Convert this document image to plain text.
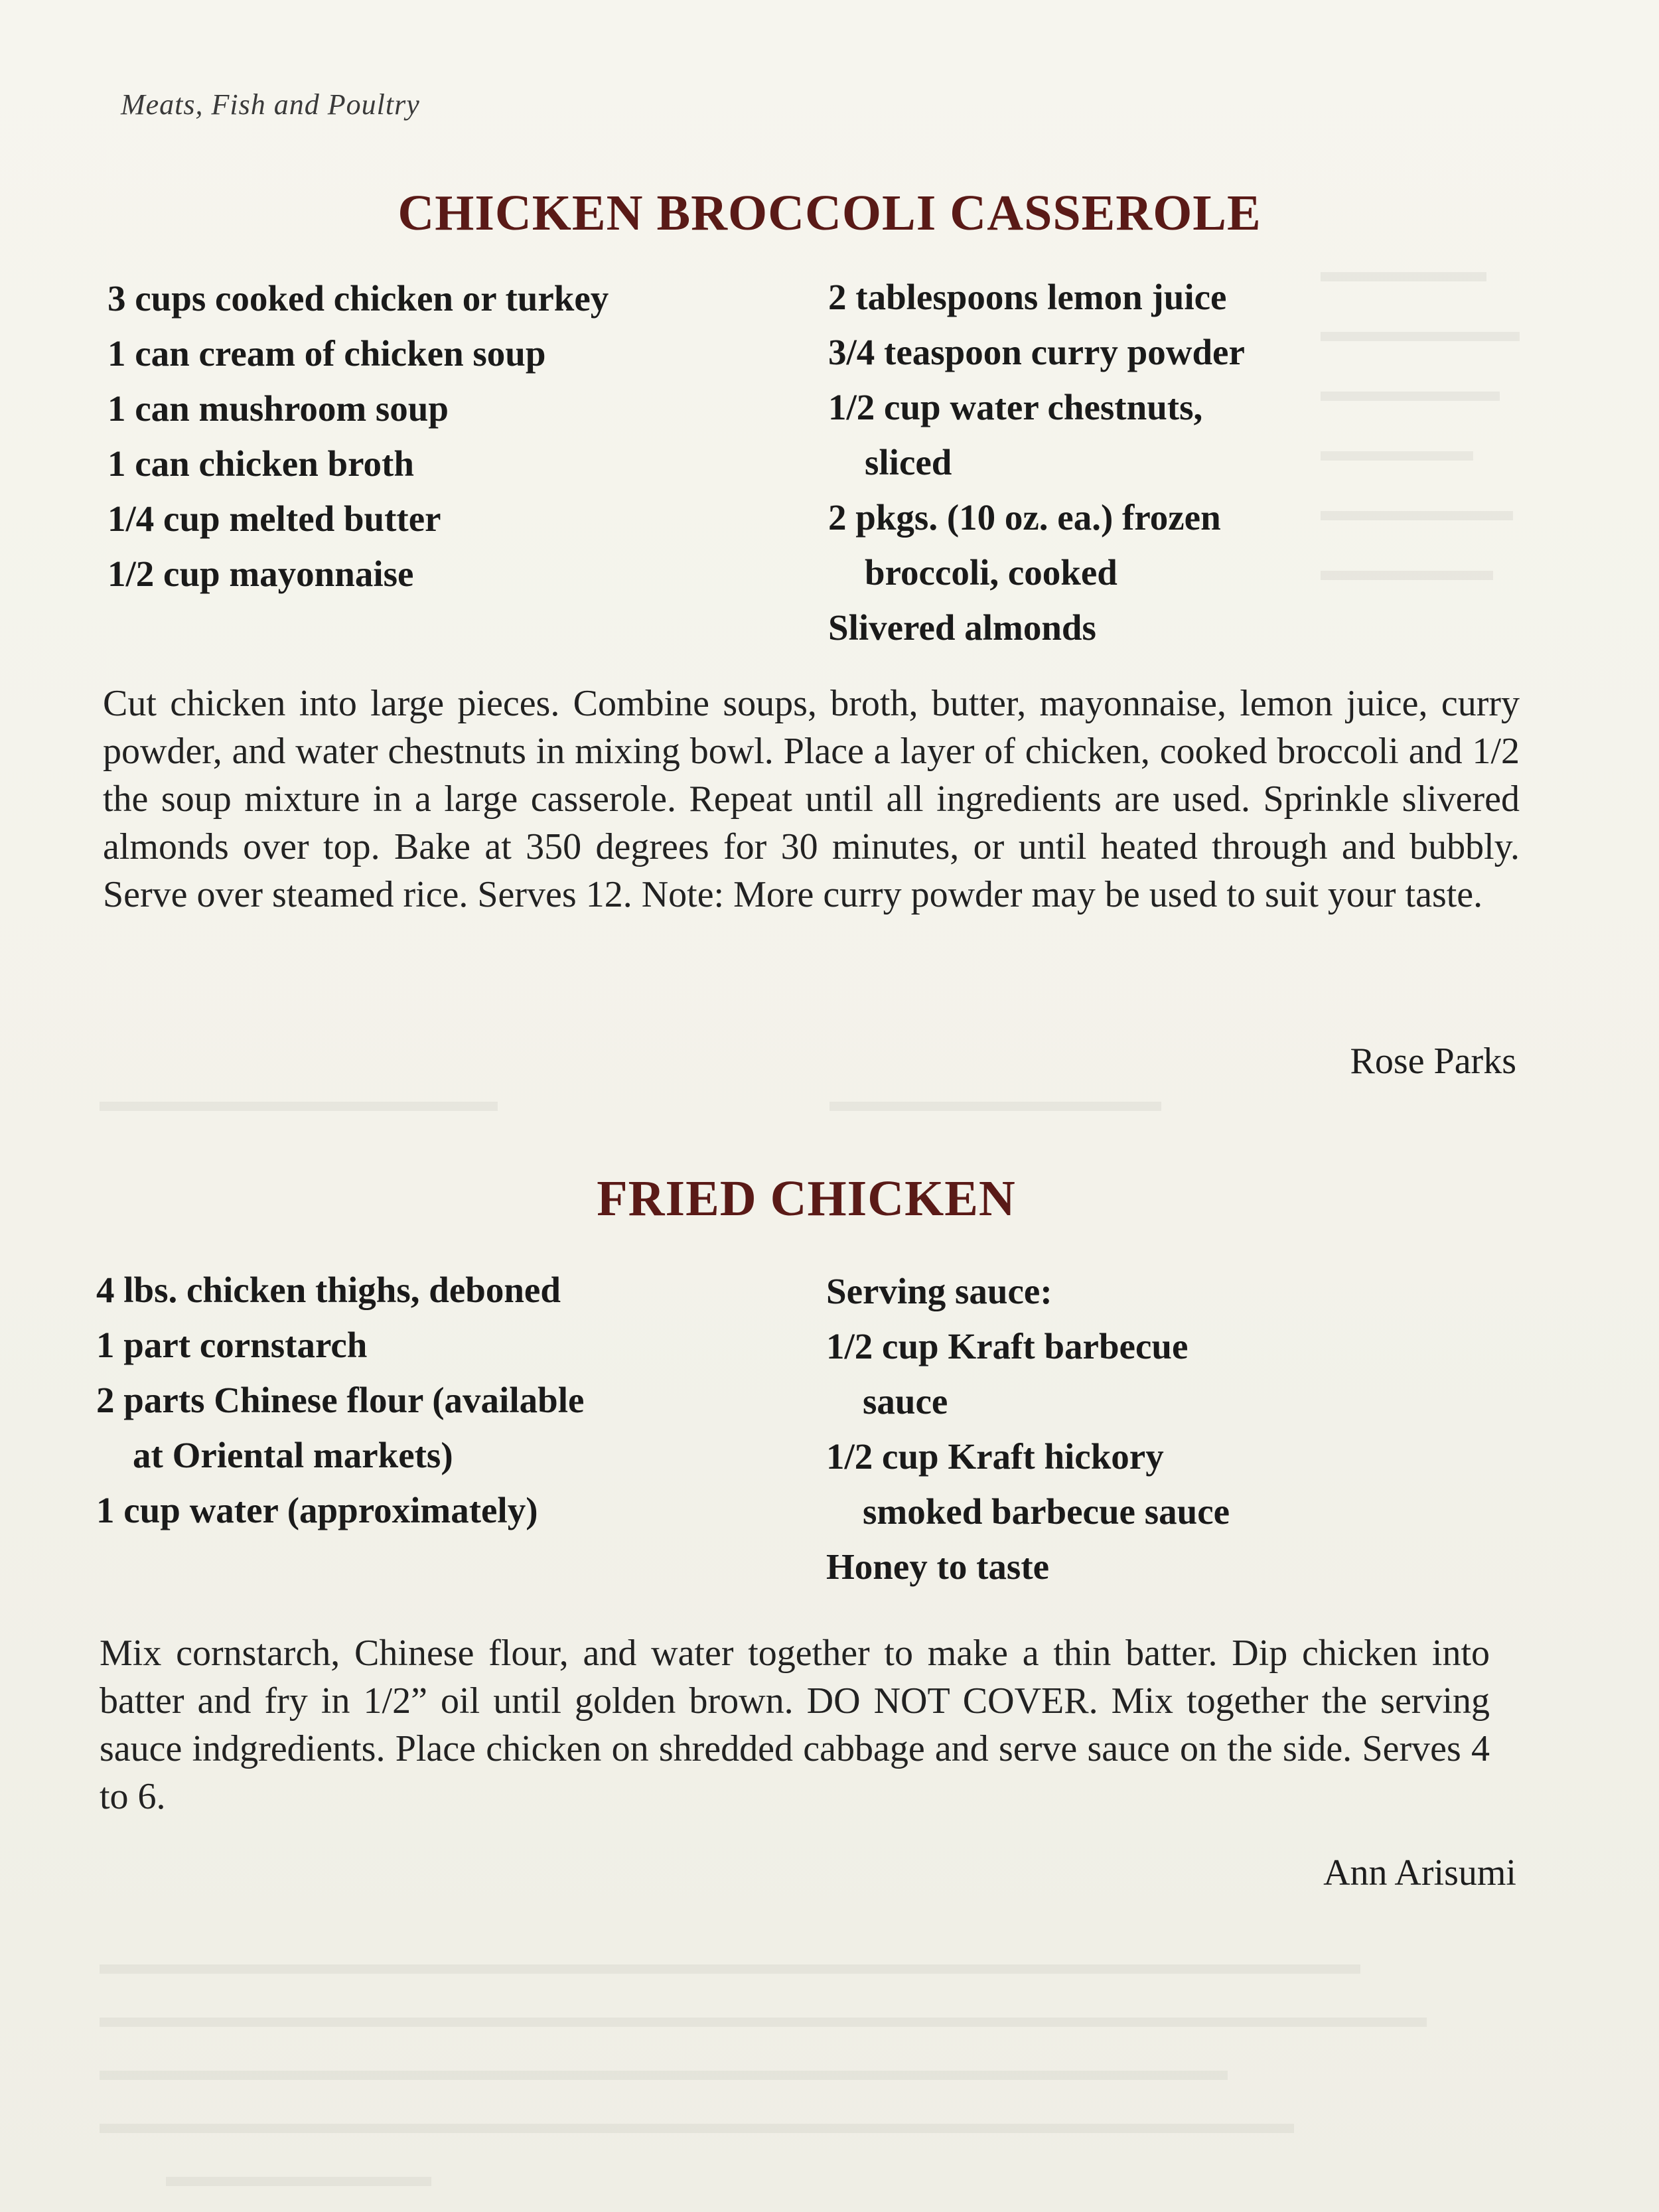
Meats, Fish and Poultry
CHICKEN BROCCOLI CASSEROLE
3 cups cooked chicken or turkey
1 can cream of chicken soup
1 can mushroom soup
1 can chicken broth
1/4 cup melted butter
1/2 cup mayonnaise
2 tablespoons lemon juice
3/4 teaspoon curry powder
1/2 cup water chestnuts,
sliced
2 pkgs. (10 oz. ea.) frozen
broccoli, cooked
Slivered almonds

Cut chicken into large pieces. Combine soups, broth, butter, mayonnaise, lemon juice, curry powder, and water chestnuts in mixing bowl. Place a layer of chicken, cooked broccoli and 1/2 the soup mixture in a large casserole. Repeat until all ingredients are used. Sprinkle slivered almonds over top. Bake at 350 degrees for 30 minutes, or until heated through and bubbly. Serve over steamed rice. Serves 12. Note: More curry powder may be used to suit your taste.

Rose Parks
FRIED CHICKEN
4 lbs. chicken thighs, deboned
1 part cornstarch
2 parts Chinese flour (available
at Oriental markets)
1 cup water (approximately)
Serving sauce:
1/2 cup Kraft barbecue
sauce
1/2 cup Kraft hickory
smoked barbecue sauce
Honey to taste

Mix cornstarch, Chinese flour, and water together to make a thin batter. Dip chicken into batter and fry in 1/2” oil until golden brown. DO NOT COVER. Mix together the serving sauce indgredients. Place chicken on shredded cabbage and serve sauce on the side. Serves 4 to 6.

Ann Arisumi
